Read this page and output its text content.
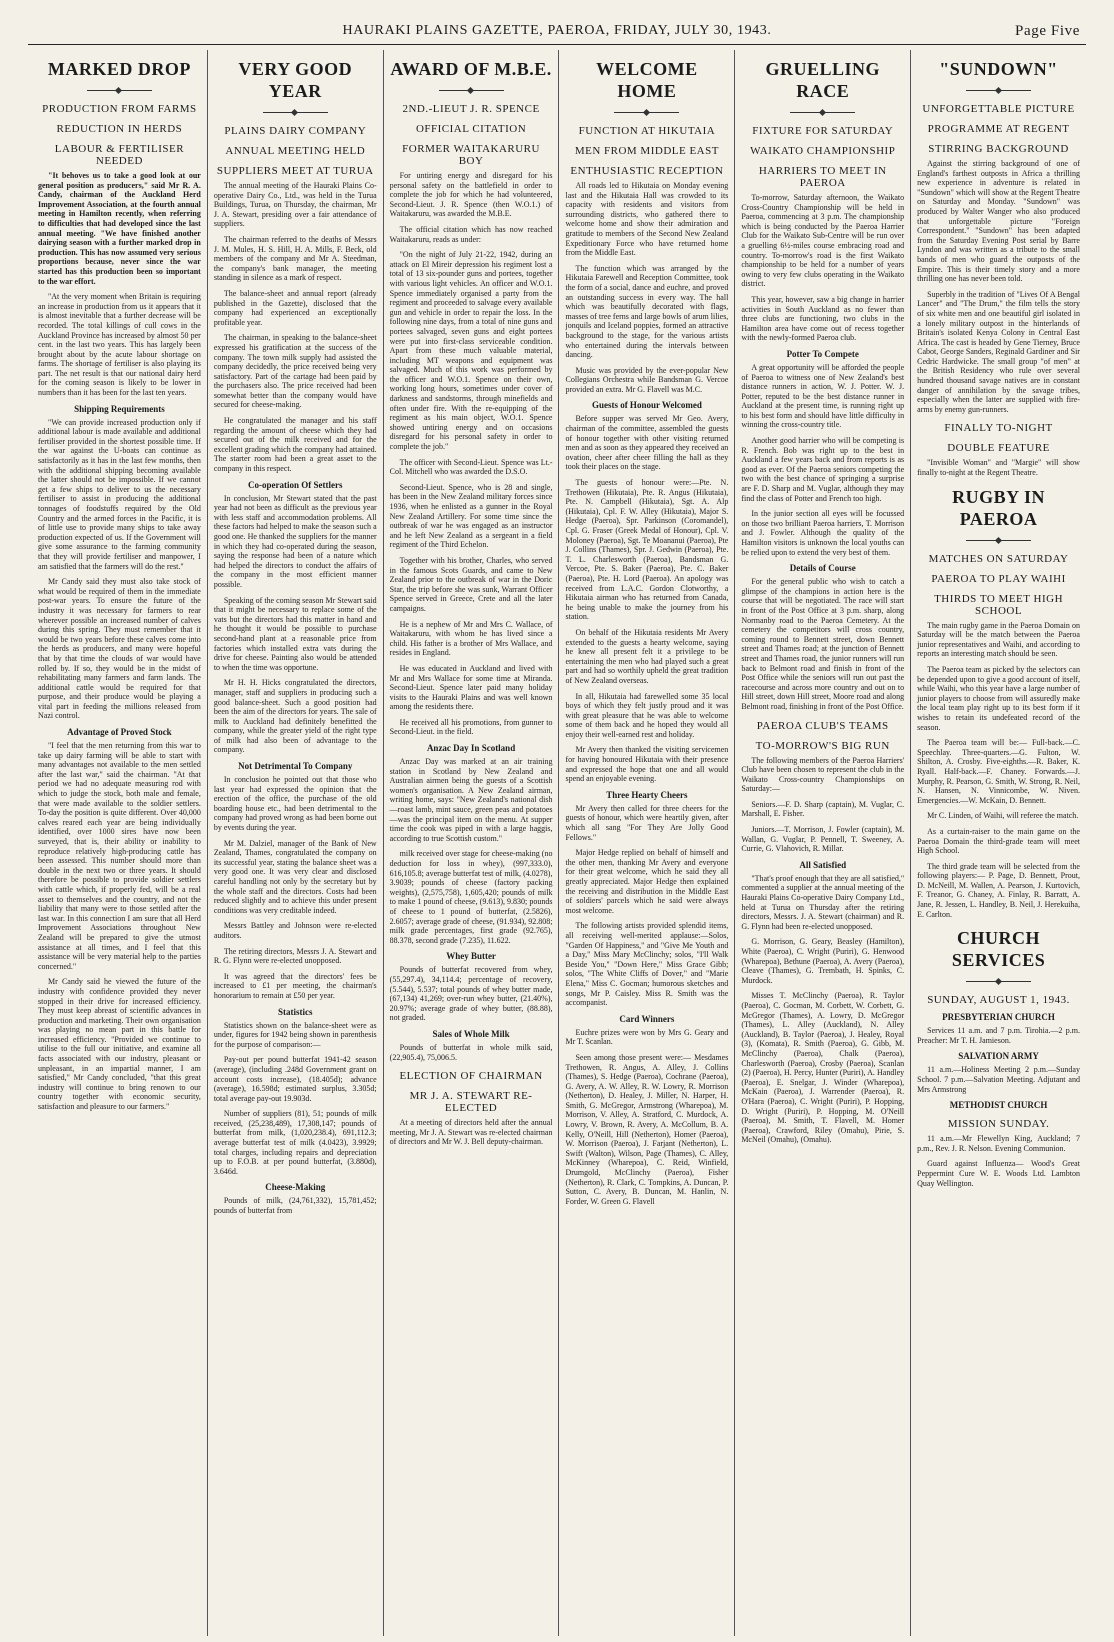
HAURAKI PLAINS GAZETTE, PAEROA, FRIDAY, JULY 30, 1943.	Page Five
MARKED DROP
PRODUCTION FROM FARMS
REDUCTION IN HERDS
LABOUR & FERTILISER NEEDED

"It behoves us to take a good look at our general position as producers," said Mr R. A. Candy, chairman of the Auckland Herd Improvement Association, at the fourth annual meeting in Hamilton recently, when referring to difficulties that had developed since the last annual meeting. "We have finished another dairying season with a further marked drop in production. This has now assumed very serious proportions because, never since the war started has this production been so important to the war effort.

"At the very moment when Britain is requiring an increase in production from us it appears that it is almost inevitable that a further decrease will be recorded. The total killings of cull cows in the Auckland Province has increased by almost 50 per cent. in the last two years. This has largely been brought about by the acute labour shortage on farms. The shortage of fertiliser is also playing its part. The net result is that our national dairy herd for the coming season is likely to be lower in numbers than it has been for the last ten years.

Shipping Requirements

"We can provide increased production only if additional labour is made available and additional fertiliser provided in the shortest possible time. If the war against the U-boats can continue as satisfactorily as it has in the last few months, then with the additional shipping becoming available the latter should not be impossible. If we cannot get a few ships to deliver to us the necessary fertiliser to assist in producing the additional tonnages of foodstuffs required by the Old Country and the armed forces in the Pacific, it is of little use to provide many ships to take away production expected of us. If the Government will give some assurance to the farming community that they will provide fertiliser and manpower, I am satisfied that the farmers will do the rest."

Mr Candy said they must also take stock of what would be required of them in the immediate post-war years. To ensure the future of the industry it was necessary for farmers to rear wherever possible an increased number of calves during this spring. They must remember that it would be two years before these calves come into the herds as producers, and many were hopeful that by that time the clouds of war would have rolled by. If so, they would be in the midst of rehabilitating many farmers and farm lands. The additional cattle would be required for that purpose, and their produce would be playing a vital part in feeding the millions released from Nazi control.

Advantage of Proved Stock

"I feel that the men returning from this war to take up dairy farming will be able to start with many advantages not available to the men settled after the last war," said the chairman. "At that period we had no adequate measuring rod with which to judge the stock, both male and female, that were made available to the soldier settlers. To-day the position is quite different. Over 40,000 calves reared each year are being individually identified, over 1000 sires have now been surveyed, that is, their ability or inability to reproduce relatively high-producing cattle has been assessed. This number should more than double in the next two or three years. It should therefore be possible to provide soldier settlers with cattle which, if properly fed, will be a real asset to themselves and the country, and not the liability that many were to those settled after the last war. In this connection I am sure that all Herd Improvement Associations throughout New Zealand will be prepared to give the utmost assistance at all times, and I feel that this assistance will be very material help to the parties concerned."

Mr Candy said he viewed the future of the industry with confidence provided they never stopped in their drive for increased efficiency. They must keep abreast of scientific advances in production and marketing. Their own organisation was playing no mean part in this battle for increased efficiency. "Provided we continue to utilise to the full our initiative, and examine all facts associated with our industry, pleasant or unpleasant, in an impartial manner, I am satisfied," Mr Candy concluded, "that this great industry will continue to bring renown to our country together with economic security, satisfaction and pleasure to our farmers."

VERY GOOD YEAR
PLAINS DAIRY COMPANY
ANNUAL MEETING HELD
SUPPLIERS MEET AT TURUA

The annual meeting of the Hauraki Plains Co-operative Dairy Co., Ltd., was held in the Turua Buildings, Turua, on Thursday, the chairman, Mr J. A. Stewart, presiding over a fair attendance of suppliers.

The chairman referred to the deaths of Messrs J. M. Mules, H. S. Hill, H. A. Mills, F. Beck, old members of the company and Mr A. Steedman, the company's bank manager, the meeting standing in silence as a mark of respect.

The balance-sheet and annual report (already published in the Gazette), disclosed that the company had experienced an exceptionally profitable year.

The chairman, in speaking to the balance-sheet expressed his gratification at the success of the company. The town milk supply had assisted the company decidedly, the price received being very satisfactory. Part of the cartage had been paid by the purchasers also. The price received had been somewhat better than the company would have secured for cheese-making.

He congratulated the manager and his staff regarding the amount of cheese which they had secured out of the milk received and for the excellent grading which the company had attained. The starter room had been a great asset to the company in this respect.

Co-operation Of Settlers

In conclusion, Mr Stewart stated that the past year had not been as difficult as the previous year with less staff and accommodation problems. All these factors had helped to make the season such a good one. He thanked the suppliers for the manner in which they had co-operated during the season, saying the response had been of a nature which had helped the directors to conduct the affairs of the company in the most efficient manner possible.

Speaking of the coming season Mr Stewart said that it might be necessary to replace some of the vats but the directors had this matter in hand and he thought it would be possible to purchase second-hand plant at a reasonable price from factories which installed extra vats during the drive for cheese. Painting also would be attended to when the time was opportune.

Mr H. H. Hicks congratulated the directors, manager, staff and suppliers in producing such a good balance-sheet. Such a good position had been the aim of the directors for years. The sale of milk to Auckland had definitely benefitted the company, while the greater yield of the right type of milk had also been of advantage to the company.

Not Detrimental To Company

In conclusion he pointed out that those who last year had expressed the opinion that the erection of the office, the purchase of the old boarding house etc., had been detrimental to the company had proved wrong as had been borne out by events during the year.

Mr M. Dalziel, manager of the Bank of New Zealand, Thames, congratulated the company on its successful year, stating the balance sheet was a very good one. It was very clear and disclosed careful handling not only by the secretary but by the whole staff and the directors. Costs had been reduced slightly and to achieve this under present conditions was very creditable indeed.

Messrs Battley and Johnson were re-elected auditors.

The retiring directors, Messrs J. A. Stewart and R. G. Flynn were re-elected unopposed.

It was agreed that the directors' fees be increased to £1 per meeting, the chairman's honorarium to remain at £50 per year.

Statistics

Statistics shown on the balance-sheet were as under, figures for 1942 being shown in parenthesis for the purpose of comparison:—

Pay-out per pound butterfat 1941-42 season (average), (including .248d Government grant on account costs increase), (18.405d); advance (average), 16.598d; estimated surplus, 3.305d; total average pay-out 19.903d.

Number of suppliers (81), 51; pounds of milk received, (25,238,489), 17,308,147; pounds of butterfat from milk, (1,020,238.4), 691,112.3; average butterfat test of milk (4.0423), 3.9929; total charges, including repairs and depreciation up to F.O.B. at per pound butterfat, (3.880d), 3.646d.

Cheese-Making

Pounds of milk, (24,761,332), 15,781,452; pounds of butterfat from

AWARD OF M.B.E.
2ND.-LIEUT J. R. SPENCE
OFFICIAL CITATION
FORMER WAITAKARURU BOY

For untiring energy and disregard for his personal safety on the battlefield in order to complete the job for which he had volunteered, Second-Lieut. J. R. Spence (then W.O.1.) of Waitakaruru, was awarded the M.B.E.

The official citation which has now reached Waitakaruru, reads as under:

"On the night of July 21-22, 1942, during an attack on El Mireir depression his regiment lost a total of 13 six-pounder guns and portees, together with various light vehicles. An officer and W.O.1. Spence immediately organised a party from the regiment and proceeded to salvage every available gun and vehicle in order to repair the loss. In the following nine days, from a total of nine guns and portees salvaged, seven guns and eight portees were put into first-class serviceable condition. Apart from these much valuable material, including MT weapons and equipment was salvaged. Much of this work was performed by the officer and W.O.1. Spence on their own, working long hours, sometimes under cover of darkness and sandstorms, through minefields and often under fire. With the re-equipping of the regiment as his main object, W.O.1. Spence showed untiring energy and on occasions disregard for his personal safety in order to complete the job."

The officer with Second-Lieut. Spence was Lt.-Col. Mitchell who was awarded the D.S.O.

Second-Lieut. Spence, who is 28 and single, has been in the New Zealand military forces since 1936, when he enlisted as a gunner in the Royal New Zealand Artillery. For some time since the outbreak of war he was engaged as an instructor and he left New Zealand as a sergeant in a field regiment of the Third Echelon.

Together with his brother, Charles, who served in the famous Scots Guards, and came to New Zealand prior to the outbreak of war in the Doric Star, the trip before she was sunk, Warrant Officer Spence served in Greece, Crete and all the later campaigns.

He is a nephew of Mr and Mrs C. Wallace, of Waitakaruru, with whom he has lived since a child. His father is a brother of Mrs Wallace, and resides in England.

He was educated in Auckland and lived with Mr and Mrs Wallace for some time at Miranda. Second-Lieut. Spence later paid many holiday visits to the Hauraki Plains and was well known among the residents there.

He received all his promotions, from gunner to Second-Lieut. in the field.

Anzac Day In Scotland

Anzac Day was marked at an air training station in Scotland by New Zealand and Australian airmen being the guests of a Scottish women's organisation. A New Zealand airman, writing home, says: "New Zealand's national dish—roast lamb, mint sauce, green peas and potatoes—was the principal item on the menu. At supper time the cook was piped in with a large haggis, according to true Scottish custom."

milk received over stage for cheese-making (no deduction for loss in whey), (997,333.0), 616,105.8; average butterfat test of milk, (4.0278), 3.9039; pounds of cheese (factory packing weights), (2,575,758), 1,605,420; pounds of milk to make 1 pound of cheese, (9.613), 9.830; pounds of cheese to 1 pound of butterfat, (2.5826), 2.6057; average grade of cheese, (91.934), 92.808; milk grade percentages, first grade (92.765), 88.378, second grade (7.235), 11.622.

Whey Butter

Pounds of butterfat recovered from whey, (55,297.4), 34,114.4; percentage of recovery, (5.544), 5.537; total pounds of whey butter made, (67,134) 41,269; over-run whey butter, (21.40%), 20.97%; average grade of whey butter, (88.88), not graded.

Sales of Whole Milk

Pounds of butterfat in whole milk said, (22,905.4), 75,006.5.

ELECTION OF CHAIRMAN
MR J. A. STEWART RE-ELECTED

At a meeting of directors held after the annual meeting, Mr J. A. Stewart was re-elected chairman of directors and Mr W. J. Bell deputy-chairman.

WELCOME HOME
FUNCTION AT HIKUTAIA
MEN FROM MIDDLE EAST
ENTHUSIASTIC RECEPTION

All roads led to Hikutaia on Monday evening last and the Hikutaia Hall was crowded to its capacity with residents and visitors from surrounding districts, who gathered there to welcome home and show their admiration and gratitude to members of the Second New Zealand Expeditionary Force who have returned home from the Middle East.

The function which was arranged by the Hikutaia Farewell and Reception Committee, took the form of a social, dance and euchre, and proved an outstanding success in every way. The hall which was beautifully decorated with flags, masses of tree ferns and large bowls of arum lilies, jonquils and Iceland poppies, formed an attractive background to the stage, for the various artists who entertained during the intervals between dancing.

Music was provided by the ever-popular New Collegians Orchestra while Bandsman G. Vercoe provided an extra. Mr G. Flavell was M.C.

Guests of Honour Welcomed

Before supper was served Mr Geo. Avery, chairman of the committee, assembled the guests of honour together with other visiting returned men and as soon as they appeared they received an ovation, cheer after cheer filling the hall as they took their places on the stage.

The guests of honour were:—Pte. N. Trethowen (Hikutaia), Pte. R. Angus (Hikutaia), Pte. N. Campbell (Hikutaia), Sgt. A. Alp (Hikutaia), Cpl. F. W. Alley (Hikutaia), Major S. Hedge (Paeroa), Spr. Parkinson (Coromandel), Cpl. G. Fraser (Greek Medal of Honour), Cpl. V. Moloney (Paeroa), Sgt. Te Moananui (Paeroa), Pte J. Collins (Thames), Spr. J. Gedwin (Paeroa), Pte. T. L. Charlesworth (Paeroa), Bandsman G. Vercoe, Pte. S. Baker (Paeroa), Pte. C. Baker (Paeroa), Pte. H. Lord (Paeroa). An apology was received from L.A.C. Gordon Clotworthy, a Hikutaia airman who has returned from Canada, he being unable to make the journey from his station.

On behalf of the Hikutaia residents Mr Avery extended to the guests a hearty welcome, saying he knew all present felt it a privilege to be entertaining the men who had played such a great part and had so worthily upheld the great tradition of New Zealand overseas.

In all, Hikutaia had farewelled some 35 local boys of which they felt justly proud and it was with great pleasure that he was able to welcome some of them back and he hoped they would all enjoy their well-earned rest and holiday.

Mr Avery then thanked the visiting servicemen for having honoured Hikutaia with their presence and expressed the hope that one and all would spend an enjoyable evening.

Three Hearty Cheers

Mr Avery then called for three cheers for the guests of honour, which were heartily given, after which all sang "For They Are Jolly Good Fellows."

Major Hedge replied on behalf of himself and the other men, thanking Mr Avery and everyone for their great welcome, which he said they all greatly appreciated. Major Hedge then explained the receiving and distribution in the Middle East of soldiers' parcels which he said were always most welcome.

The following artists provided splendid items, all receiving well-merited applause:—Solos, "Garden Of Happiness," and "Give Me Youth and a Day," Miss Mary McClinchy; solos, "I'll Walk Beside You," "Down Here," Miss Grace Gibb; solos, "The White Cliffs of Dover," and "Marie Elena," Miss C. Gocman; humorous sketches and songs, Mr P. Caisley. Miss R. Smith was the accompanist.

Card Winners

Euchre prizes were won by Mrs G. Geary and Mr T. Scanlan.

Seen among those present were:— Mesdames Trethowen, R. Angus, A. Alley, J. Collins (Thames), S. Hedge (Paeroa), Cochrane (Paeroa), G. Avery, A. W. Alley, R. W. Lowry, R. Morrison (Netherton), D. Healey, J. Miller, N. Harper, H. Smith, G. McGregor, Armstrong (Wharepoa), M. Morrison, V. Alley, A. Stratford, C. Murdock, A. Lowry, V. Brown, R. Avery, A. McCollum, B. A. Kelly, O'Neill, Hill (Netherton), Homer (Paeroa), W. Morrison (Paeroa), J. Farjant (Netherton), L. Swift (Walton), Wilson, Page (Thames), C. Alley, McKinney (Wharepoa), C. Reid, Winfield, Drumgold, McClinchy (Paeroa), Fisher (Netherton), R. Clark, C. Tompkins, A. Duncan, P. Sutton, C. Avery, B. Duncan, M. Hanlin, N. Forder, W. Green G. Flavell

GRUELLING RACE
FIXTURE FOR SATURDAY
WAIKATO CHAMPIONSHIP
HARRIERS TO MEET IN PAEROA

To-morrow, Saturday afternoon, the Waikato Cross-Country Championship will be held in Paeroa, commencing at 3 p.m. The championship which is being conducted by the Paeroa Harrier Club for the Waikato Sub-Centre will be run over a gruelling 6½-miles course embracing road and country. To-morrow's road is the first Waikato championship to be held for a number of years owing to very few clubs operating in the Waikato district.

This year, however, saw a big change in harrier activities in South Auckland as no fewer than three clubs are functioning, two clubs in the Hamilton area have come out of recess together with the newly-formed Paeroa club.

Potter To Compete

A great opportunity will be afforded the people of Paeroa to witness one of New Zealand's best distance runners in action, W. J. Potter. W. J. Potter, reputed to be the best distance runner in Auckland at the present time, is running right up to his best form and should have little difficulty in winning the cross-country title.

Another good harrier who will be competing is R. French. Bob was right up to the best in Auckland a few years back and from reports is as good as ever. Of the Paeroa seniors competing the two with the best chance of springing a surprise are F. D. Sharp and M. Vuglar, although they may find the class of Potter and French too high.

In the junior section all eyes will be focussed on those two brilliant Paeroa harriers, T. Morrison and J. Fowler. Although the quality of the Hamilton visitors is unknown the local youths can be relied upon to extend the very best of them.

Details of Course

For the general public who wish to catch a glimpse of the champions in action here is the course that will be negotiated. The race will start in front of the Post Office at 3 p.m. sharp, along Normanby road to the Paeroa Cemetery. At the cemetery the competitors will cross country, coming round to Bennett street, down Bennett street and Thames road; at the junction of Bennett street and Thames road, the junior runners will run back to Belmont road and finish in front of the Post Office while the seniors will run out past the racecourse and across more country and out on to Hill street, down Hill street, Moore road and along Belmont road, finishing in front of the Post Office.

PAEROA CLUB'S TEAMS
TO-MORROW'S BIG RUN

The following members of the Paeroa Harriers' Club have been chosen to represent the club in the Waikato Cross-country Championships on Saturday:—

Seniors.—F. D. Sharp (captain), M. Vuglar, C. Marshall, E. Fisher.

Juniors.—T. Morrison, J. Fowler (captain), M. Wallan, G. Vuglar, P. Pennell, T. Sweeney, A. Currie, G. Vlahovich, R. Millar.

All Satisfied

"That's proof enough that they are all satisfied," commented a supplier at the annual meeting of the Hauraki Plains Co-operative Dairy Company Ltd., held at Turua on Thursday after the retiring directors, Messrs. J. A. Stewart (chairman) and R. G. Flynn had been re-elected unopposed.

G. Morrison, G. Geary, Beasley (Hamilton), White (Paeroa), C. Wright (Puriri), G. Henwood (Wharepoa), Bethune (Paeroa), A. Avery (Paeroa), Cleave (Thames), G. Trembath, H. Spinks, C. Murdock.

Misses T. McClinchy (Paeroa), R. Taylor (Paeroa), C. Gocman, M. Corbett, W. Corbett, G. McGregor (Thames), A. Lowry, D. McGregor (Thames), L. Alley (Auckland), N. Alley (Auckland), B. Taylor (Paeroa), J. Healey, Royal (3), (Komata), R. Smith (Paeroa), G. Gibb, M. McClinchy (Paeroa), Chalk (Paeroa), Charlesworth (Paeroa), Crosby (Paeroa), Scanlan (2) (Paeroa), H. Percy, Hunter (Puriri), A. Handley (Paeroa), E. Snelgar, J. Winder (Wharepoa), McKain (Paeroa), J. Warrender (Paeroa), R. O'Hara (Paeroa), C. Wright (Puriri), P. Hopping, D. Wright (Puriri), P. Hopping, M. O'Neill (Paeroa), M. Smith, T. Flavell, M. Homer (Paeroa), Crawford, Riley (Omahu), Pirie, S. McNeil (Omahu), (Omahu).

"SUNDOWN"
UNFORGETTABLE PICTURE
PROGRAMME AT REGENT
STIRRING BACKGROUND

Against the stirring background of one of England's farthest outposts in Africa a thrilling new experience in adventure is related in "Sundown" which will show at the Regent Theatre on Saturday and Monday. "Sundown" was produced by Walter Wanger who also produced that unforgettable picture "Foreign Correspondent." "Sundown" has been adapted from the Saturday Evening Post serial by Barre Lyndon and was written as a tribute to the small bands of men who guard the outposts of the Empire. This is their timely story and a more thrilling one has never been told.

Superbly in the tradition of "Lives Of A Bengal Lancer" and "The Drum," the film tells the story of six white men and one beautiful girl isolated in a lonely military outpost in the hinterlands of Britain's isolated Kenya Colony in Central East Africa. The cast is headed by Gene Tierney, Bruce Cabot, George Sanders, Reginald Gardiner and Sir Cedric Hardwicke. The small group "of men" at the British Residency who rule over several hundred thousand savage natives are in constant danger of annihilation by the savage tribes, especially when the latter are supplied with fire-arms by enemy gun-runners.

FINALLY TO-NIGHT
DOUBLE FEATURE

"Invisible Woman" and "Margie" will show finally to-night at the Regent Theatre.

RUGBY IN PAEROA
MATCHES ON SATURDAY
PAEROA TO PLAY WAIHI
THIRDS TO MEET HIGH SCHOOL

The main rugby game in the Paeroa Domain on Saturday will be the match between the Paeroa junior representatives and Waihi, and according to reports an interesting match should be seen.

The Paeroa team as picked by the selectors can be depended upon to give a good account of itself, while Waihi, who this year have a large number of junior players to choose from will assuredly make the local team play right up to its best form if it wishes to retain its undefeated record of the season.

The Paeroa team will be:— Full-back.—C. Speechlay. Three-quarters.—G. Fulton, W. Shilton, A. Crosby. Five-eighths.—R. Baker, K. Ryall. Half-back.—F. Chaney. Forwards.—J. Murphy, R. Pearson, G. Smith, W. Strong, R. Neil, N. Hansen, N. Vinnicombe, W. Niven. Emergencies.—W. McKain, D. Bennett.

Mr C. Linden, of Waihi, will referee the match.

As a curtain-raiser to the main game on the Paeroa Domain the third-grade team will meet High School.

The third grade team will be selected from the following players:— P. Page, D. Bennett, Prout, D. McNeill, M. Wallen, A. Pearson, J. Kurtovich, F. Treanor, G. Chaney, A. Finlay, R. Barratt, A. Jane, R. Jessen, L. Handley, B. Neil, J. Herekuiha, E. Carlton.

CHURCH SERVICES
SUNDAY, AUGUST 1, 1943.
PRESBYTERIAN CHURCH

Services 11 a.m. and 7 p.m. Tirohia.—2 p.m. Preacher: Mr T. H. Jamieson.

SALVATION ARMY

11 a.m.—Holiness Meeting 2 p.m.—Sunday School. 7 p.m.—Salvation Meeting. Adjutant and Mrs Armstrong

METHODIST CHURCH
MISSION SUNDAY.

11 a.m.—Mr Flewellyn King, Auckland; 7 p.m., Rev. J. R. Nelson. Evening Communion.

Guard against Influenza— Wood's Great Peppermint Cure W. E. Woods Ltd. Lambton Quay Wellington.
